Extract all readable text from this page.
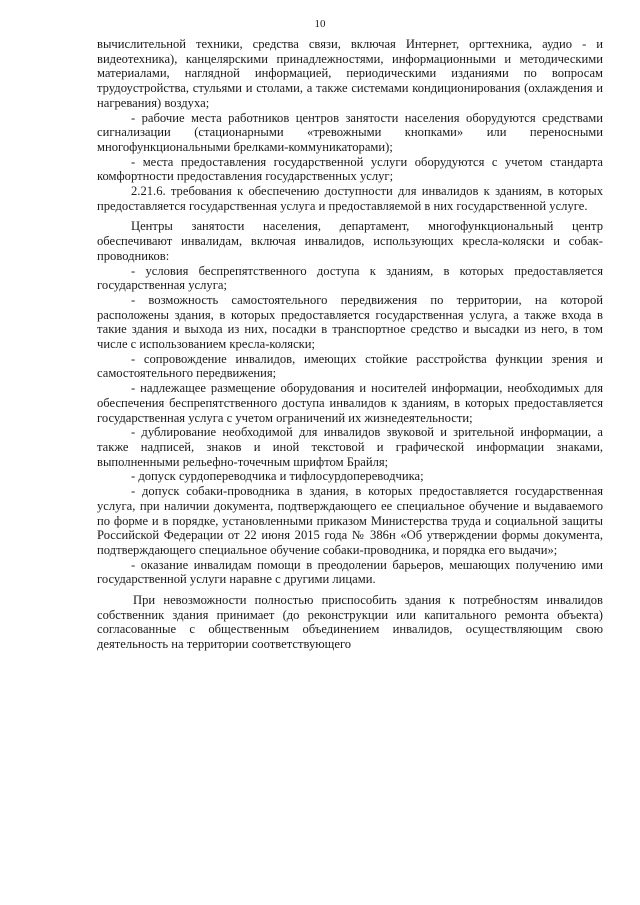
10

вычислительной техники, средства связи, включая Интернет, оргтехника, аудио - и видеотехника), канцелярскими принадлежностями, информационными и методическими материалами, наглядной информацией, периодическими изданиями по вопросам трудоустройства, стульями и столами, а также системами кондиционирования (охлаждения и нагревания) воздуха;

- рабочие места работников центров занятости населения оборудуются средствами сигнализации (стационарными «тревожными кнопками» или переносными многофункциональными брелками-коммуникаторами);

- места предоставления государственной услуги оборудуются с учетом стандарта комфортности предоставления государственных услуг;

2.21.6. требования к обеспечению доступности для инвалидов к зданиям, в которых предоставляется государственная услуга и предоставляемой в них государственной услуге.

Центры занятости населения, департамент, многофункциональный центр обеспечивают инвалидам, включая инвалидов, использующих кресла-коляски и собак-проводников:

- условия беспрепятственного доступа к зданиям, в которых предоставляется государственная услуга;

- возможность самостоятельного передвижения по территории, на которой расположены здания, в которых предоставляется государственная услуга, а также входа в такие здания и выхода из них, посадки в транспортное средство и высадки из него, в том числе с использованием кресла-коляски;

- сопровождение инвалидов, имеющих стойкие расстройства функции зрения и самостоятельного передвижения;

- надлежащее размещение оборудования и носителей информации, необходимых для обеспечения беспрепятственного доступа инвалидов к зданиям, в которых предоставляется государственная услуга с учетом ограничений их жизнедеятельности;

- дублирование необходимой для инвалидов звуковой и зрительной информации, а также надписей, знаков и иной текстовой и графической информации знаками, выполненными рельефно-точечным шрифтом Брайля;

- допуск сурдопереводчика и тифлосурдопереводчика;

- допуск собаки-проводника в здания, в которых предоставляется государственная услуга, при наличии документа, подтверждающего ее специальное обучение и выдаваемого по форме и в порядке, установленными приказом Министерства труда и социальной защиты Российской Федерации от 22 июня 2015 года № 386н «Об утверждении формы документа, подтверждающего специальное обучение собаки-проводника, и порядка его выдачи»;

- оказание инвалидам помощи в преодолении барьеров, мешающих получению ими государственной услуги наравне с другими лицами.

При невозможности полностью приспособить здания к потребностям инвалидов собственник здания принимает (до реконструкции или капитального ремонта объекта) согласованные с общественным объединением инвалидов, осуществляющим свою деятельность на территории соответствующего
